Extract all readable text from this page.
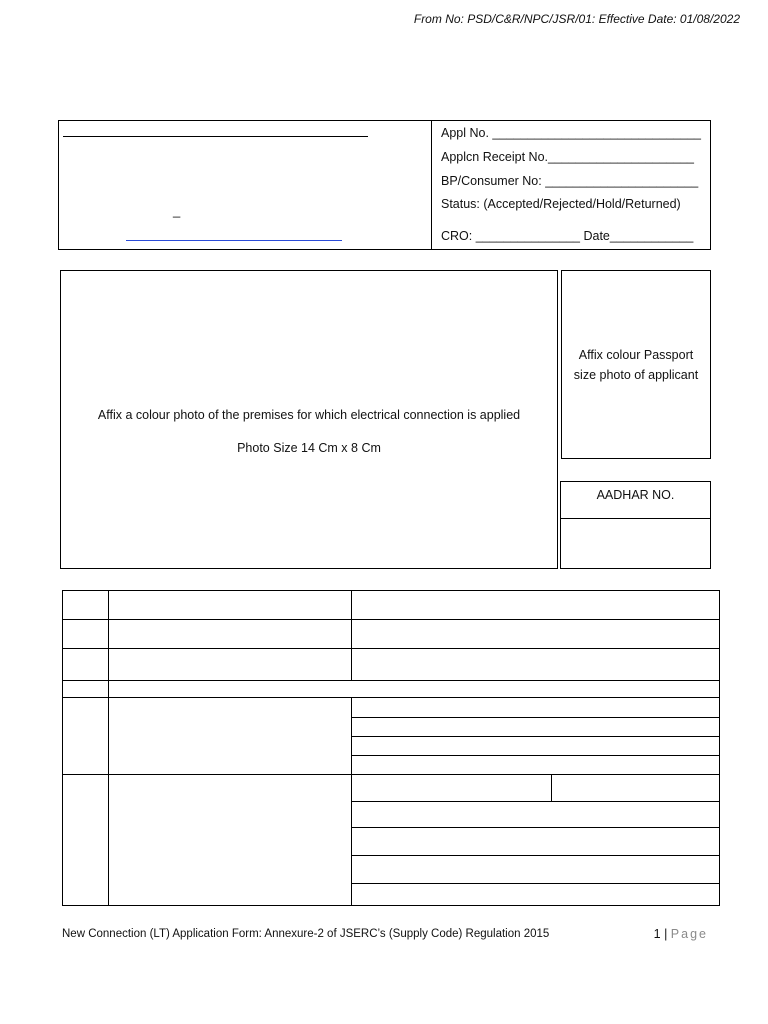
From No: PSD/C&R/NPC/JSR/01: Effective Date: 01/08/2022
_
Appl No. ______________________________
Applcn Receipt No._____________________
BP/Consumer No: ______________________
Status: (Accepted/Rejected/Hold/Returned)
CRO: _______________ Date____________
Affix a colour photo of the premises for which electrical connection is applied
Photo Size 14 Cm x 8 Cm
Affix colour Passport size photo of applicant
AADHAR NO.
New Connection (LT) Application Form: Annexure-2 of JSERC’s (Supply Code) Regulation 2015	1 | Page
